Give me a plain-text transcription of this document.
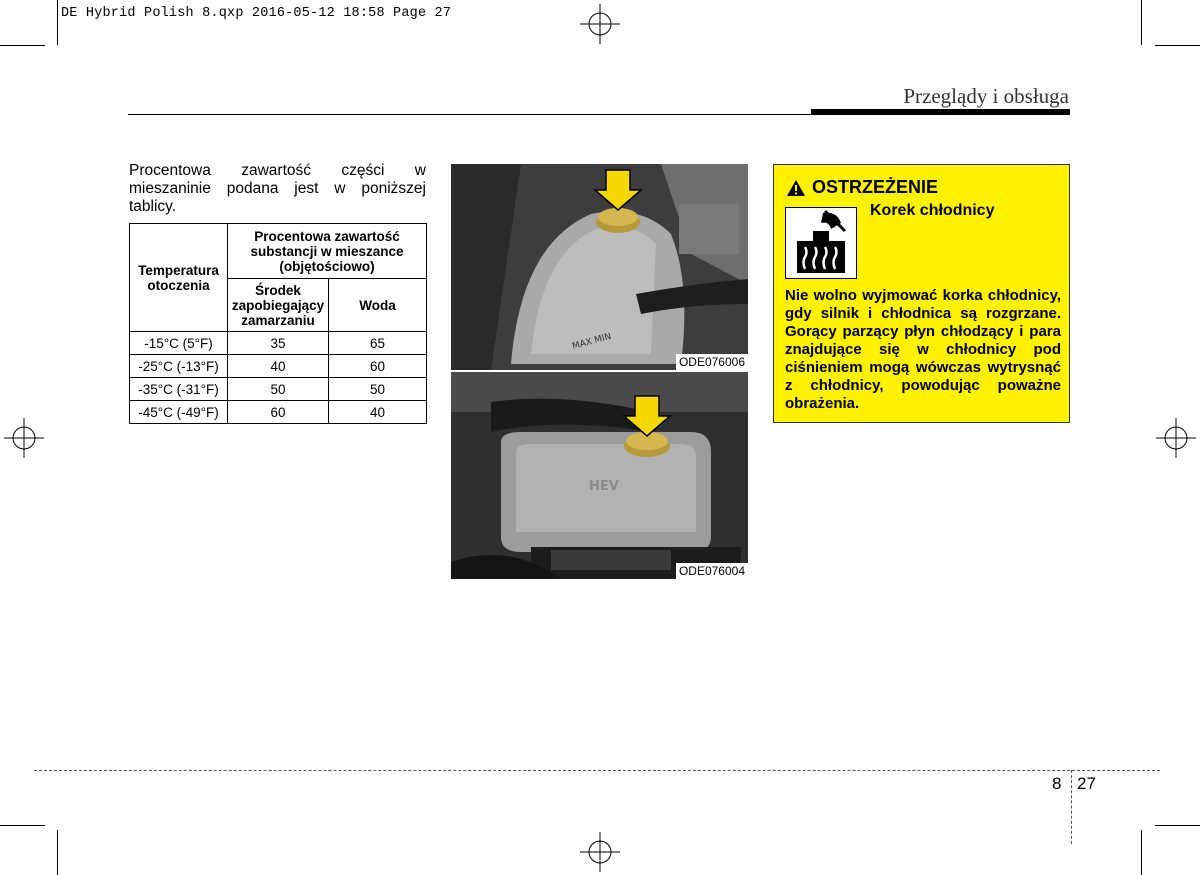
DE Hybrid Polish 8.qxp 2016-05-12 18:58 Page 27
Przeglądy i obsługa
Procentowa zawartość części w mieszaninie podana jest w poniższej tablicy.
Temperatura otoczenia	Procentowa zawartość substancji w mieszance (objętościowo)	
	Środek zapobiegający zamarzaniu	Woda
-15°C (5°F)	35	65
-25°C (-13°F)	40	60
-35°C (-31°F)	50	50
-45°C (-49°F)	60	40
MAX MIN
ODE076006
HEV
ODE076004
OSTRZEŻENIE
Korek chłodnicy
Nie wolno wyjmować korka chłodnicy, gdy silnik i chłodnica są rozgrzane. Gorący parzący płyn chłodzący i para znajdujące się w chłodnicy pod ciśnieniem mogą wówczas wytrysnąć z chłodnicy, powodując poważne obrażenia.
8 27
